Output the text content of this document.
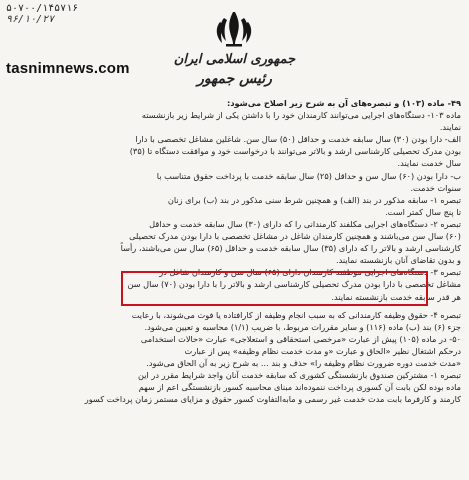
۵۰۷۰۰/۱۴۵۷۱۶
۹۶/۱۰/۲۷
جمهوری اسلامی ایران
رئیس جمهور
tasnimnews.com
۴۹- ماده (۱۰۳) و تبصره‌های آن به شرح زیر اصلاح می‌شود:
ماده ۱۰۳- دستگاه‌های اجرایی می‌توانند کارمندان خود را با داشتن یکی از شرایط زیر بازنشسته
نمایند.
الف- دارا بودن (۳۰) سال سابقه خدمت و حداقل (۵۰) سال سن. شاغلین مشاغل تخصصی با دارا
بودن مدرک تحصیلی کارشناسی ارشد و بالاتر می‌توانند با درخواست خود و موافقت دستگاه تا (۳۵)
سال خدمت نمایند.
ب- دارا بودن (۶۰) سال سن و حداقل (۲۵) سال سابقه خدمت با پرداخت حقوق متناسب با
سنوات خدمت.
تبصره ۱- سابقه مذکور در بند (الف) و همچنین شرط سنی مذکور در بند (ب) برای زنان
تا پنج سال کمتر است.
تبصره ۲- دستگاه‌های اجرایی مکلفند کارمندانی را که دارای (۳۰) سال سابقه خدمت و حداقل
(۶۰) سال سن می‌باشند و همچنین کارمندان شاغل در مشاغل تخصصی با دارا بودن مدرک تحصیلی
کارشناسی ارشد و بالاتر را که دارای (۳۵) سال سابقه خدمت و حداقل (۶۵) سال سن می‌باشند، رأساً
و بدون تقاضای آنان بازنشسته نمایند.
تبصره ۳- دستگاه‌های اجرایی موظفند کارمندان دارای (۶۵) سال سن و کارمندان شاغل در
مشاغل تخصصی با دارا بودن مدرک تحصیلی کارشناسی ارشد و بالاتر را با دارا بودن (۷۰) سال سن
هر قدر سابقه خدمت بازنشسته نمایند.
تبصره ۴- حقوق وظیفه کارمندانی که به سبب انجام وظیفه از کارافتاده یا فوت می‌شوند، با رعایت
جزء (۶) بند (ب) ماده (۱۱۶) و سایر مقررات مربوط، با ضریب (۱/۱) محاسبه و تعیین می‌شود.
۵۰- در ماده (۱۰۵) پیش از عبارت «مرخصی استحقاقی و استعلاجی» عبارت «حالات استخدامی
درحکم اشتغال نظیر «الحاق و عبارت «و مدت خدمت نظام وظیفه» پس از عبارت
«مدت خدمت دوره ضرورت نظام وظیفه را» حذف و بند ... به شرح زیر به آن الحاق می‌شود.
تبصره ۱- مشترکین صندوق بازنشستگی کشوری که سابقه خدمت آنان واجد شرایط مقرر در این
ماده بوده لکن بابت آن کسوری پرداخت ننموده‌اند مبنای محاسبه کسور بازنشستگی اعم از سهم
کارمند و کارفرما بابت مدت خدمت غیر رسمی و مابه‌التفاوت کسور حقوق و مزایای مستمر زمان پرداخت کسور
